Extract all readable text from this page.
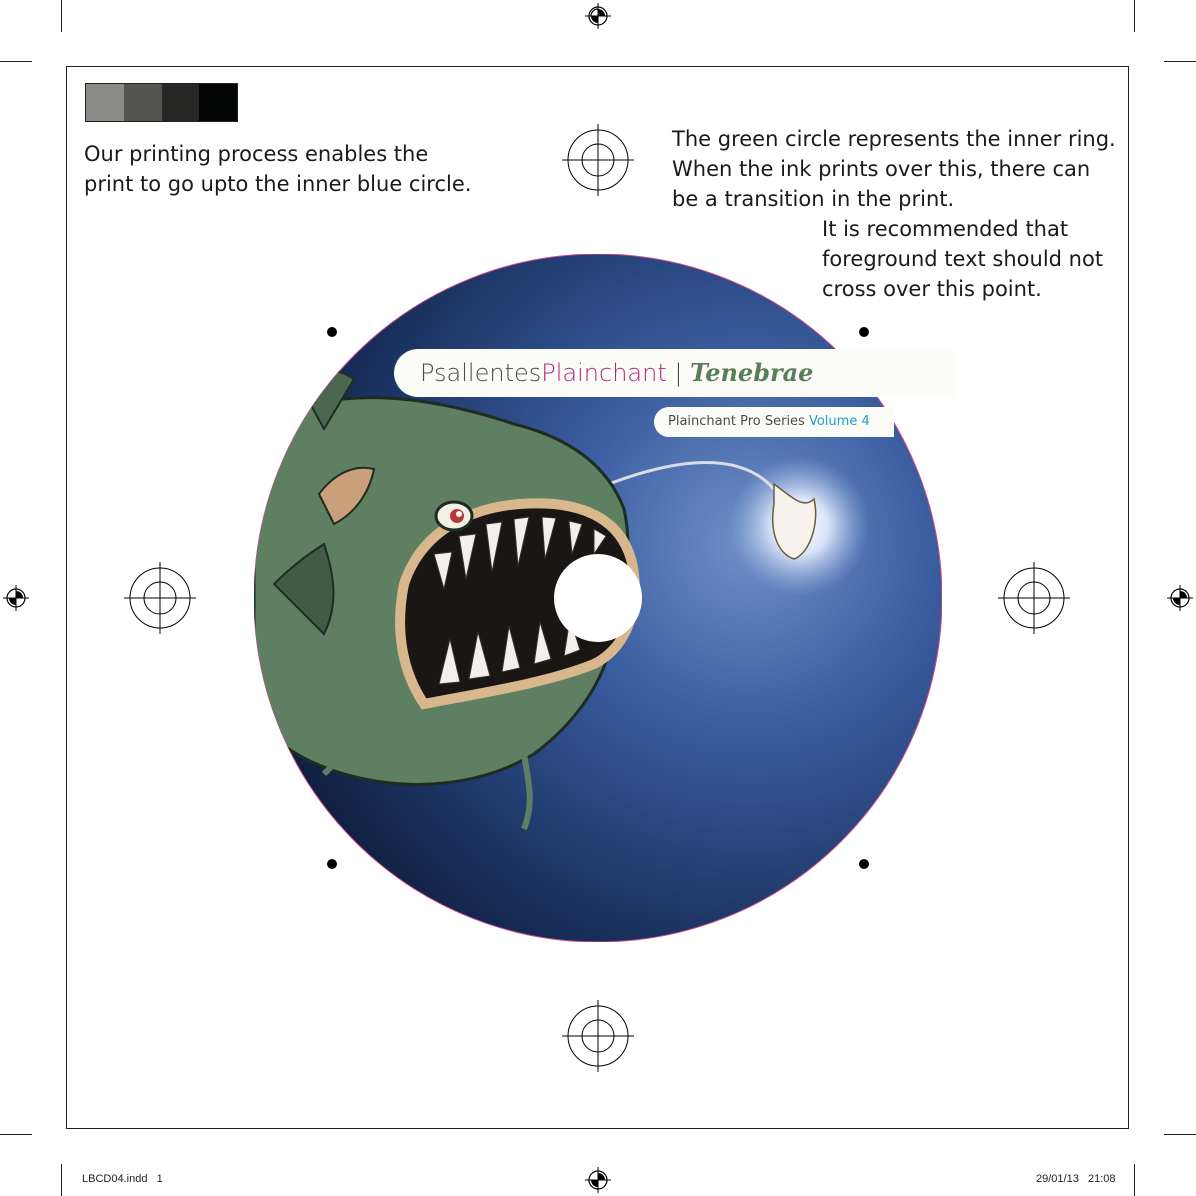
Our printing process enables the
print to go upto the inner blue circle.
The green circle represents the inner ring.
When the ink prints over this, there can
be a transition in the print.
It is recommended that
foreground text should not
cross over this point.
PsallentesPlainchant | Tenebrae
Plainchant Pro Series Volume 4
LBCD04.indd   1	29/01/13   21:08
